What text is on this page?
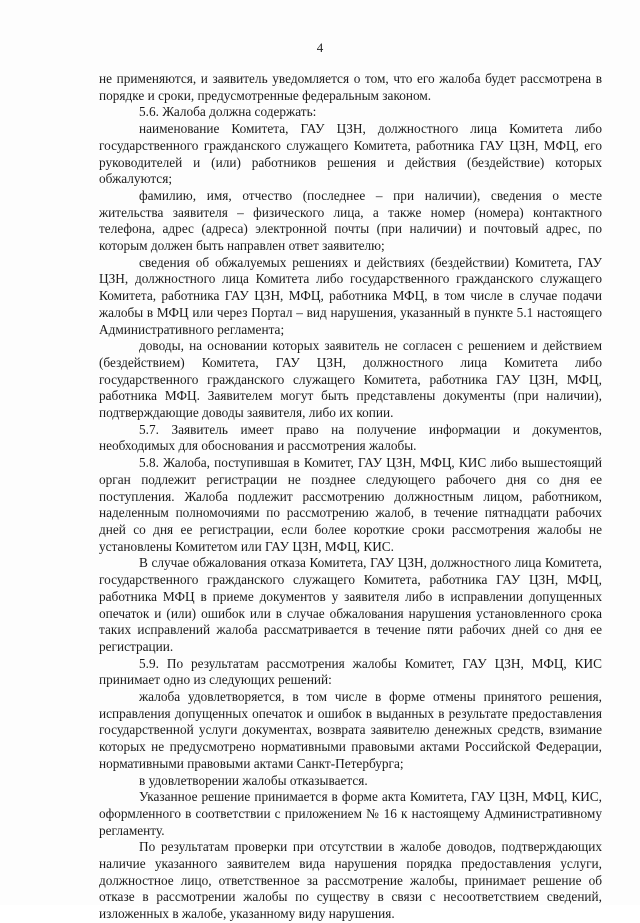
4

не применяются, и заявитель уведомляется о том, что его жалоба будет рассмотрена в порядке и сроки, предусмотренные федеральным законом.

5.6. Жалоба должна содержать:

наименование Комитета, ГАУ ЦЗН, должностного лица Комитета либо государственного гражданского служащего Комитета, работника ГАУ ЦЗН, МФЦ, его руководителей и (или) работников решения и действия (бездействие) которых обжалуются;

фамилию, имя, отчество (последнее – при наличии), сведения о месте жительства заявителя – физического лица, а также номер (номера) контактного телефона, адрес (адреса) электронной почты (при наличии) и почтовый адрес, по которым должен быть направлен ответ заявителю;

сведения об обжалуемых решениях и действиях (бездействии) Комитета, ГАУ ЦЗН, должностного лица Комитета либо государственного гражданского служащего Комитета, работника ГАУ ЦЗН, МФЦ, работника МФЦ, в том числе в случае подачи жалобы в МФЦ или через Портал – вид нарушения, указанный в пункте 5.1 настоящего Административного регламента;

доводы, на основании которых заявитель не согласен с решением и действием (бездействием) Комитета, ГАУ ЦЗН, должностного лица Комитета либо государственного гражданского служащего Комитета, работника ГАУ ЦЗН, МФЦ, работника МФЦ. Заявителем могут быть представлены документы (при наличии), подтверждающие доводы заявителя, либо их копии.

5.7. Заявитель имеет право на получение информации и документов, необходимых для обоснования и рассмотрения жалобы.

5.8. Жалоба, поступившая в Комитет, ГАУ ЦЗН, МФЦ, КИС либо вышестоящий орган подлежит регистрации не позднее следующего рабочего дня со дня ее поступления. Жалоба подлежит рассмотрению должностным лицом, работником, наделенным полномочиями по рассмотрению жалоб, в течение пятнадцати рабочих дней со дня ее регистрации, если более короткие сроки рассмотрения жалобы не установлены Комитетом или ГАУ ЦЗН, МФЦ, КИС.

В случае обжалования отказа Комитета, ГАУ ЦЗН, должностного лица Комитета, государственного гражданского служащего Комитета, работника ГАУ ЦЗН, МФЦ, работника МФЦ в приеме документов у заявителя либо в исправлении допущенных опечаток и (или) ошибок или в случае обжалования нарушения установленного срока таких исправлений жалоба рассматривается в течение пяти рабочих дней со дня ее регистрации.

5.9. По результатам рассмотрения жалобы Комитет, ГАУ ЦЗН, МФЦ, КИС принимает одно из следующих решений:

жалоба удовлетворяется, в том числе в форме отмены принятого решения, исправления допущенных опечаток и ошибок в выданных в результате предоставления государственной услуги документах, возврата заявителю денежных средств, взимание которых не предусмотрено нормативными правовыми актами Российской Федерации, нормативными правовыми актами Санкт-Петербурга;

в удовлетворении жалобы отказывается.

Указанное решение принимается в форме акта Комитета, ГАУ ЦЗН, МФЦ, КИС, оформленного в соответствии с приложением № 16 к настоящему Административному регламенту.

По результатам проверки при отсутствии в жалобе доводов, подтверждающих наличие указанного заявителем вида нарушения порядка предоставления услуги, должностное лицо, ответственное за рассмотрение жалобы, принимает решение об отказе в рассмотрении жалобы по существу в связи с несоответствием сведений, изложенных в жалобе, указанному виду нарушения.
